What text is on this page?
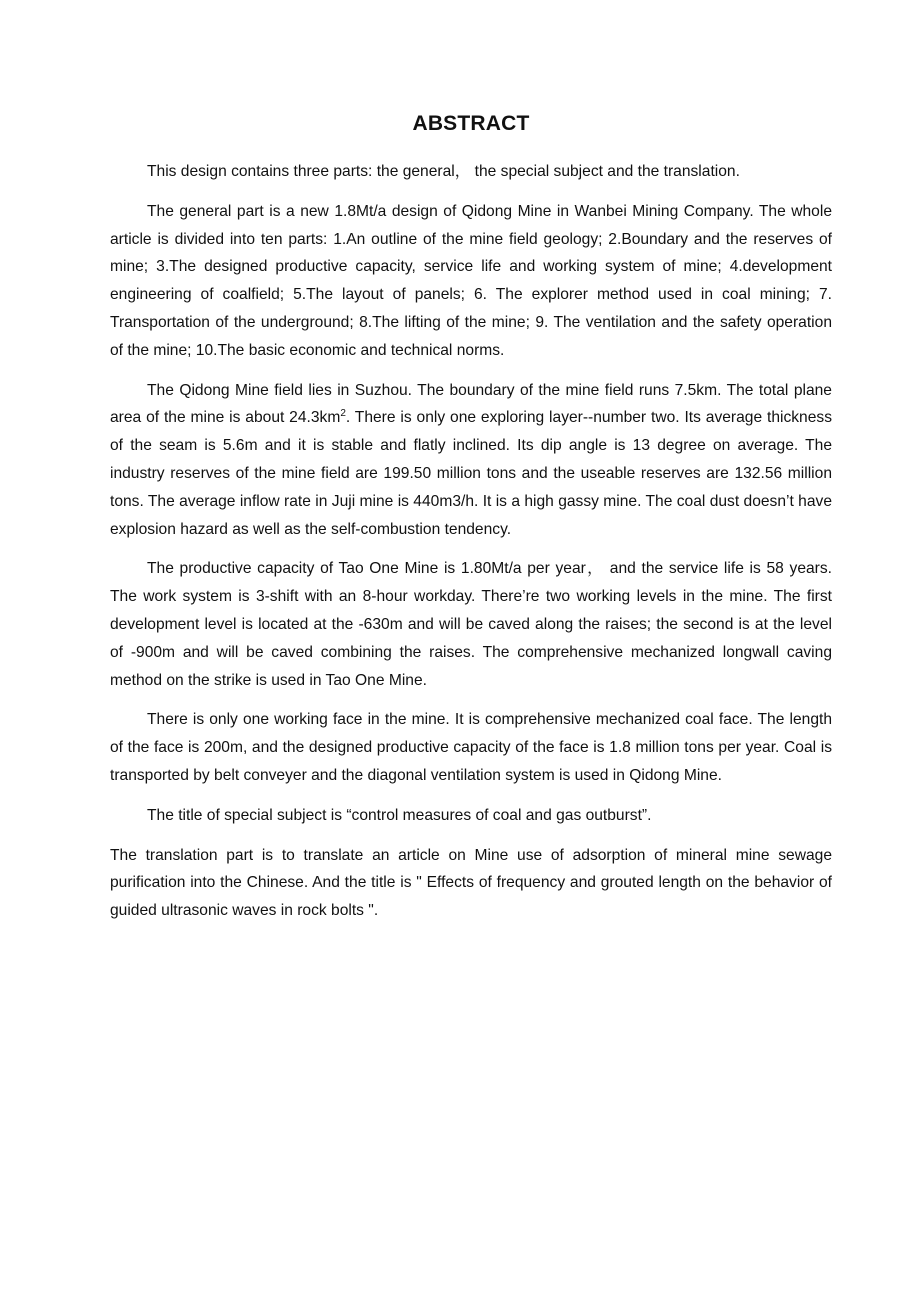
ABSTRACT

This design contains three parts: the general， the special subject and the translation.

The general part is a new 1.8Mt/a design of Qidong Mine in Wanbei Mining Company. The whole article is divided into ten parts: 1.An outline of the mine field geology; 2.Boundary and the reserves of mine; 3.The designed productive capacity, service life and working system of mine; 4.development engineering of coalfield; 5.The layout of panels; 6. The explorer method used in coal mining; 7. Transportation of the underground; 8.The lifting of the mine; 9. The ventilation and the safety operation of the mine; 10.The basic economic and technical norms.

The Qidong Mine field lies in Suzhou. The boundary of the mine field runs 7.5km. The total plane area of the mine is about $24.3km^2$. There is only one exploring layer--number two. Its average thickness of the seam is 5.6m and it is stable and flatly inclined. Its dip angle is 13 degree on average. The industry reserves of the mine field are 199.50 million tons and the useable reserves are 132.56 million tons. The average inflow rate in Juji mine is 440m3/h. It is a high gassy mine. The coal dust doesn’t have explosion hazard as well as the self-combustion tendency.

The productive capacity of Tao One Mine is 1.80Mt/a per year， and the service life is 58 years. The work system is 3-shift with an 8-hour workday. There’re two working levels in the mine. The first development level is located at the -630m and will be caved along the raises; the second is at the level of -900m and will be caved combining the raises. The comprehensive mechanized longwall caving method on the strike is used in Tao One Mine.

There is only one working face in the mine. It is comprehensive mechanized coal face. The length of the face is 200m, and the designed productive capacity of the face is 1.8 million tons per year. Coal is transported by belt conveyer and the diagonal ventilation system is used in Qidong Mine.

The title of special subject is “control measures of coal and gas outburst”.

The translation part is to translate an article on Mine use of adsorption of mineral mine sewage purification into the Chinese. And the title is " Effects of frequency and grouted length on the behavior of guided ultrasonic waves in rock bolts ".
